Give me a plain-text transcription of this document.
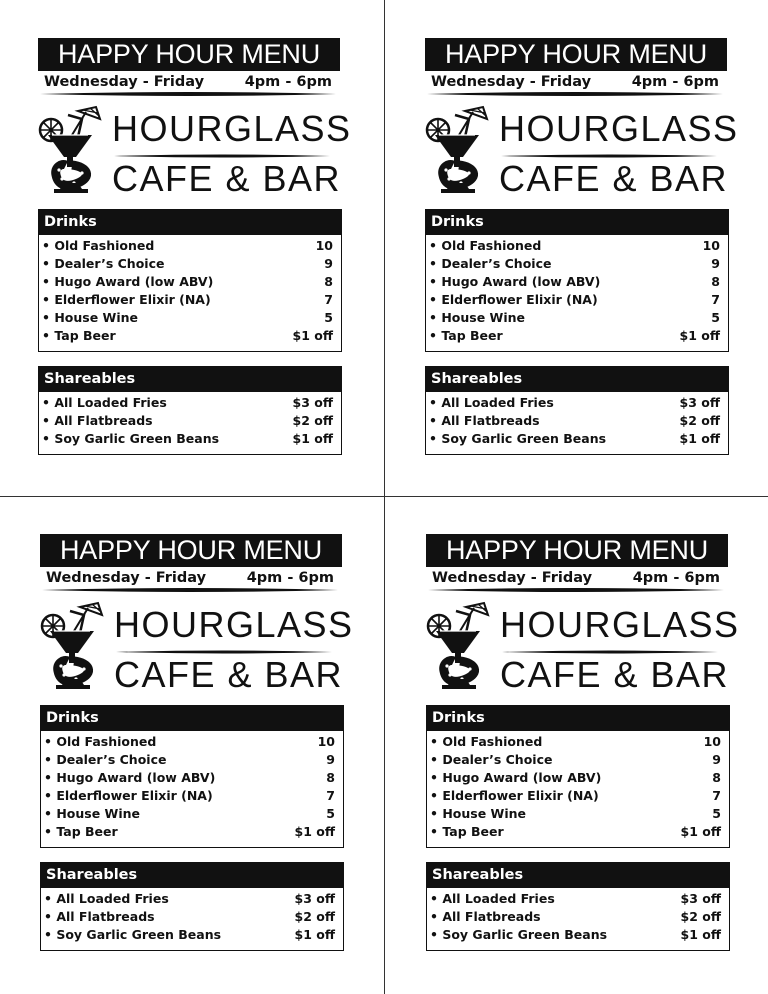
HAPPY HOUR MENU
Wednesday - Friday	4pm - 6pm
HOURGLASS
CAFE & BAR
Drinks
• Old Fashioned	10
• Dealer’s Choice	9
• Hugo Award (low ABV)	8
• Elderflower Elixir (NA)	7
• House Wine	5
• Tap Beer	$1 off
Shareables
• All Loaded Fries	$3 off
• All Flatbreads	$2 off
• Soy Garlic Green Beans	$1 off
HAPPY HOUR MENU
Wednesday - Friday	4pm - 6pm
HOURGLASS
CAFE & BAR
Drinks
• Old Fashioned	10
• Dealer’s Choice	9
• Hugo Award (low ABV)	8
• Elderflower Elixir (NA)	7
• House Wine	5
• Tap Beer	$1 off
Shareables
• All Loaded Fries	$3 off
• All Flatbreads	$2 off
• Soy Garlic Green Beans	$1 off
HAPPY HOUR MENU
Wednesday - Friday	4pm - 6pm
HOURGLASS
CAFE & BAR
Drinks
• Old Fashioned	10
• Dealer’s Choice	9
• Hugo Award (low ABV)	8
• Elderflower Elixir (NA)	7
• House Wine	5
• Tap Beer	$1 off
Shareables
• All Loaded Fries	$3 off
• All Flatbreads	$2 off
• Soy Garlic Green Beans	$1 off
HAPPY HOUR MENU
Wednesday - Friday	4pm - 6pm
HOURGLASS
CAFE & BAR
Drinks
• Old Fashioned	10
• Dealer’s Choice	9
• Hugo Award (low ABV)	8
• Elderflower Elixir (NA)	7
• House Wine	5
• Tap Beer	$1 off
Shareables
• All Loaded Fries	$3 off
• All Flatbreads	$2 off
• Soy Garlic Green Beans	$1 off
